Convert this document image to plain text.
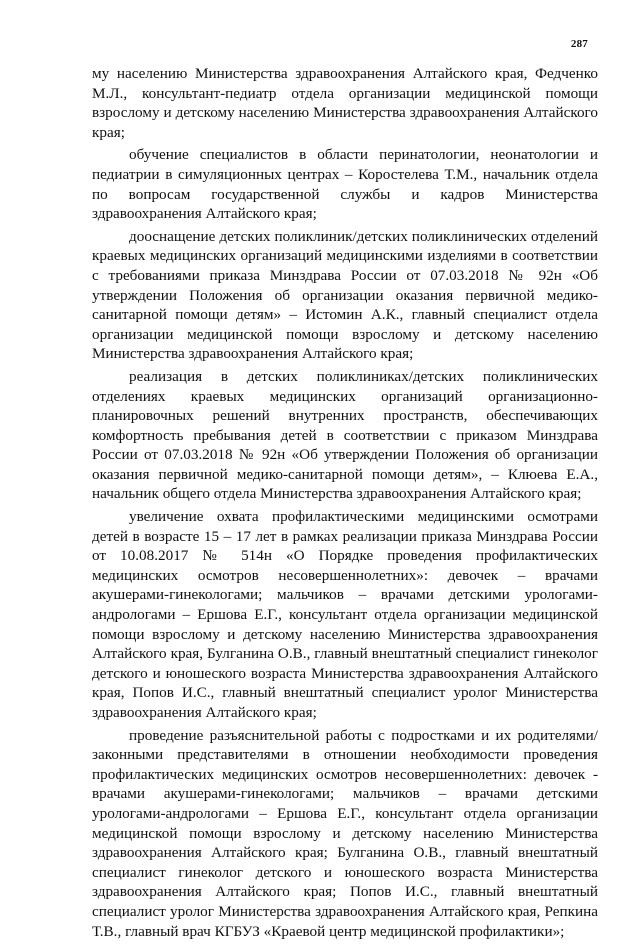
287

му населению Министерства здравоохранения Алтайского края, Федченко М.Л., консультант-педиатр отдела организации медицинской помощи взрослому и детскому населению Министерства здравоохранения Алтайского края;

обучение специалистов в области перинатологии, неонатологии и педиатрии в симуляционных центрах – Коростелева Т.М., начальник отдела по вопросам государственной службы и кадров Министерства здравоохранения Алтайского края;

дооснащение детских поликлиник/детских поликлинических отделений краевых медицинских организаций медицинскими изделиями в соответствии с требованиями приказа Минздрава России от 07.03.2018 № 92н «Об утверждении Положения об организации оказания первичной медико-санитарной помощи детям» – Истомин А.К., главный специалист отдела организации медицинской помощи взрослому и детскому населению Министерства здравоохранения Алтайского края;

реализация в детских поликлиниках/детских поликлинических отделениях краевых медицинских организаций организационно-планировочных решений внутренних пространств, обеспечивающих комфортность пребывания детей в соответствии с приказом Минздрава России от 07.03.2018 № 92н «Об утверждении Положения об организации оказания первичной медико-санитарной помощи детям», – Клюева Е.А., начальник общего отдела Министерства здравоохранения Алтайского края;

увеличение охвата профилактическими медицинскими осмотрами детей в возрасте 15 – 17 лет в рамках реализации приказа Минздрава России от 10.08.2017 № 514н «О Порядке проведения профилактических медицинских осмотров несовершеннолетних»: девочек – врачами акушерами-гинекологами; мальчиков – врачами детскими урологами-андрологами – Ершова Е.Г., консультант отдела организации медицинской помощи взрослому и детскому населению Министерства здравоохранения Алтайского края, Булганина О.В., главный внештатный специалист гинеколог детского и юношеского возраста Министерства здравоохранения Алтайского края, Попов И.С., главный внештатный специалист уролог Министерства здравоохранения Алтайского края;

проведение разъяснительной работы с подростками и их родителями/законными представителями в отношении необходимости проведения профилактических медицинских осмотров несовершеннолетних: девочек - врачами акушерами-гинекологами; мальчиков – врачами детскими урологами-андрологами – Ершова Е.Г., консультант отдела организации медицинской помощи взрослому и детскому населению Министерства здравоохранения Алтайского края; Булганина О.В., главный внештатный специалист гинеколог детского и юношеского возраста Министерства здравоохранения Алтайского края; Попов И.С., главный внештатный специалист уролог Министерства здравоохранения Алтайского края, Репкина Т.В., главный врач КГБУЗ «Краевой центр медицинской профилактики»;
